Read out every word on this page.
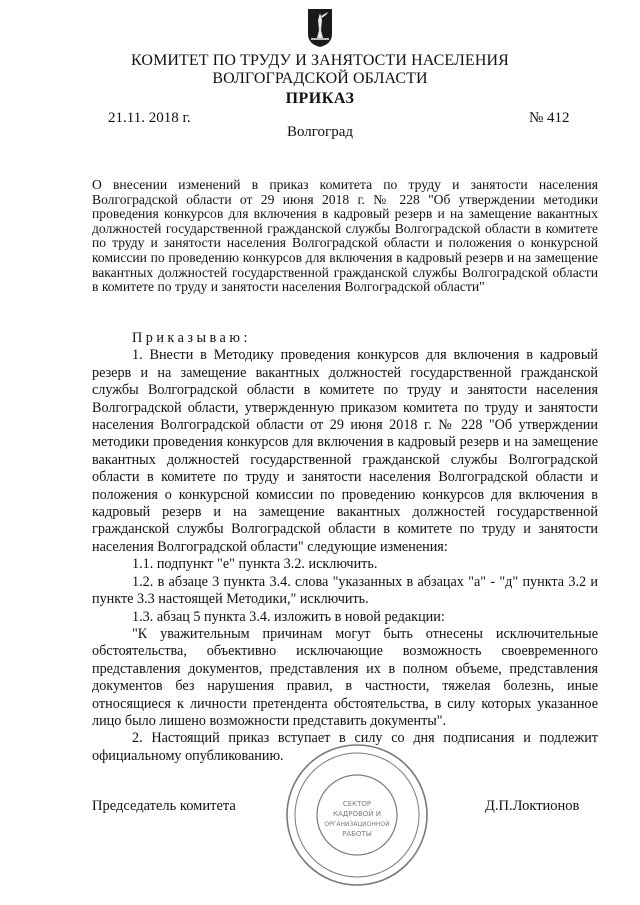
КОМИТЕТ ПО ТРУДУ И ЗАНЯТОСТИ НАСЕЛЕНИЯ
ВОЛГОГРАДСКОЙ ОБЛАСТИ
ПРИКАЗ
21.11. 2018 г.	№ 412
Волгоград

О внесении изменений в приказ комитета по труду и занятости населения Волгоградской области от 29 июня 2018 г. № 228 "Об утверждении методики проведения конкурсов для включения в кадровый резерв и на замещение вакантных должностей государственной гражданской службы Волгоградской области в комитете по труду и занятости населения Волгоградской области и положения о конкурсной комиссии по проведению конкурсов для включения в кадровый резерв и на замещение вакантных должностей государственной гражданской службы Волгоградской области в комитете по труду и занятости населения Волгоградской области"

Приказываю:

1. Внести в Методику проведения конкурсов для включения в кадровый резерв и на замещение вакантных должностей государственной гражданской службы Волгоградской области в комитете по труду и занятости населения Волгоградской области, утвержденную приказом комитета по труду и занятости населения Волгоградской области от 29 июня 2018 г. № 228 "Об утверждении методики проведения конкурсов для включения в кадровый резерв и на замещение вакантных должностей государственной гражданской службы Волгоградской области в комитете по труду и занятости населения Волгоградской области и положения о конкурсной комиссии по проведению конкурсов для включения в кадровый резерв и на замещение вакантных должностей государственной гражданской службы Волгоградской области в комитете по труду и занятости населения Волгоградской области" следующие изменения:

1.1. подпункт "е" пункта 3.2. исключить.

1.2. в абзаце 3 пункта 3.4. слова "указанных в абзацах "а" - "д" пункта 3.2 и пункте 3.3 настоящей Методики," исключить.

1.3. абзац 5 пункта 3.4. изложить в новой редакции:

"К уважительным причинам могут быть отнесены исключительные обстоятельства, объективно исключающие возможность своевременного представления документов, представления их в полном объеме, представления документов без нарушения правил, в частности, тяжелая болезнь, иные относящиеся к личности претендента обстоятельства, в силу которых указанное лицо было лишено возможности представить документы".

2. Настоящий приказ вступает в силу со дня подписания и подлежит официальному опубликованию.

Председатель комитета	Д.П.Локтионов
СЕКТОР
КАДРОВОЙ И
ОРГАНИЗАЦИОННОЙ
РАБОТЫ
